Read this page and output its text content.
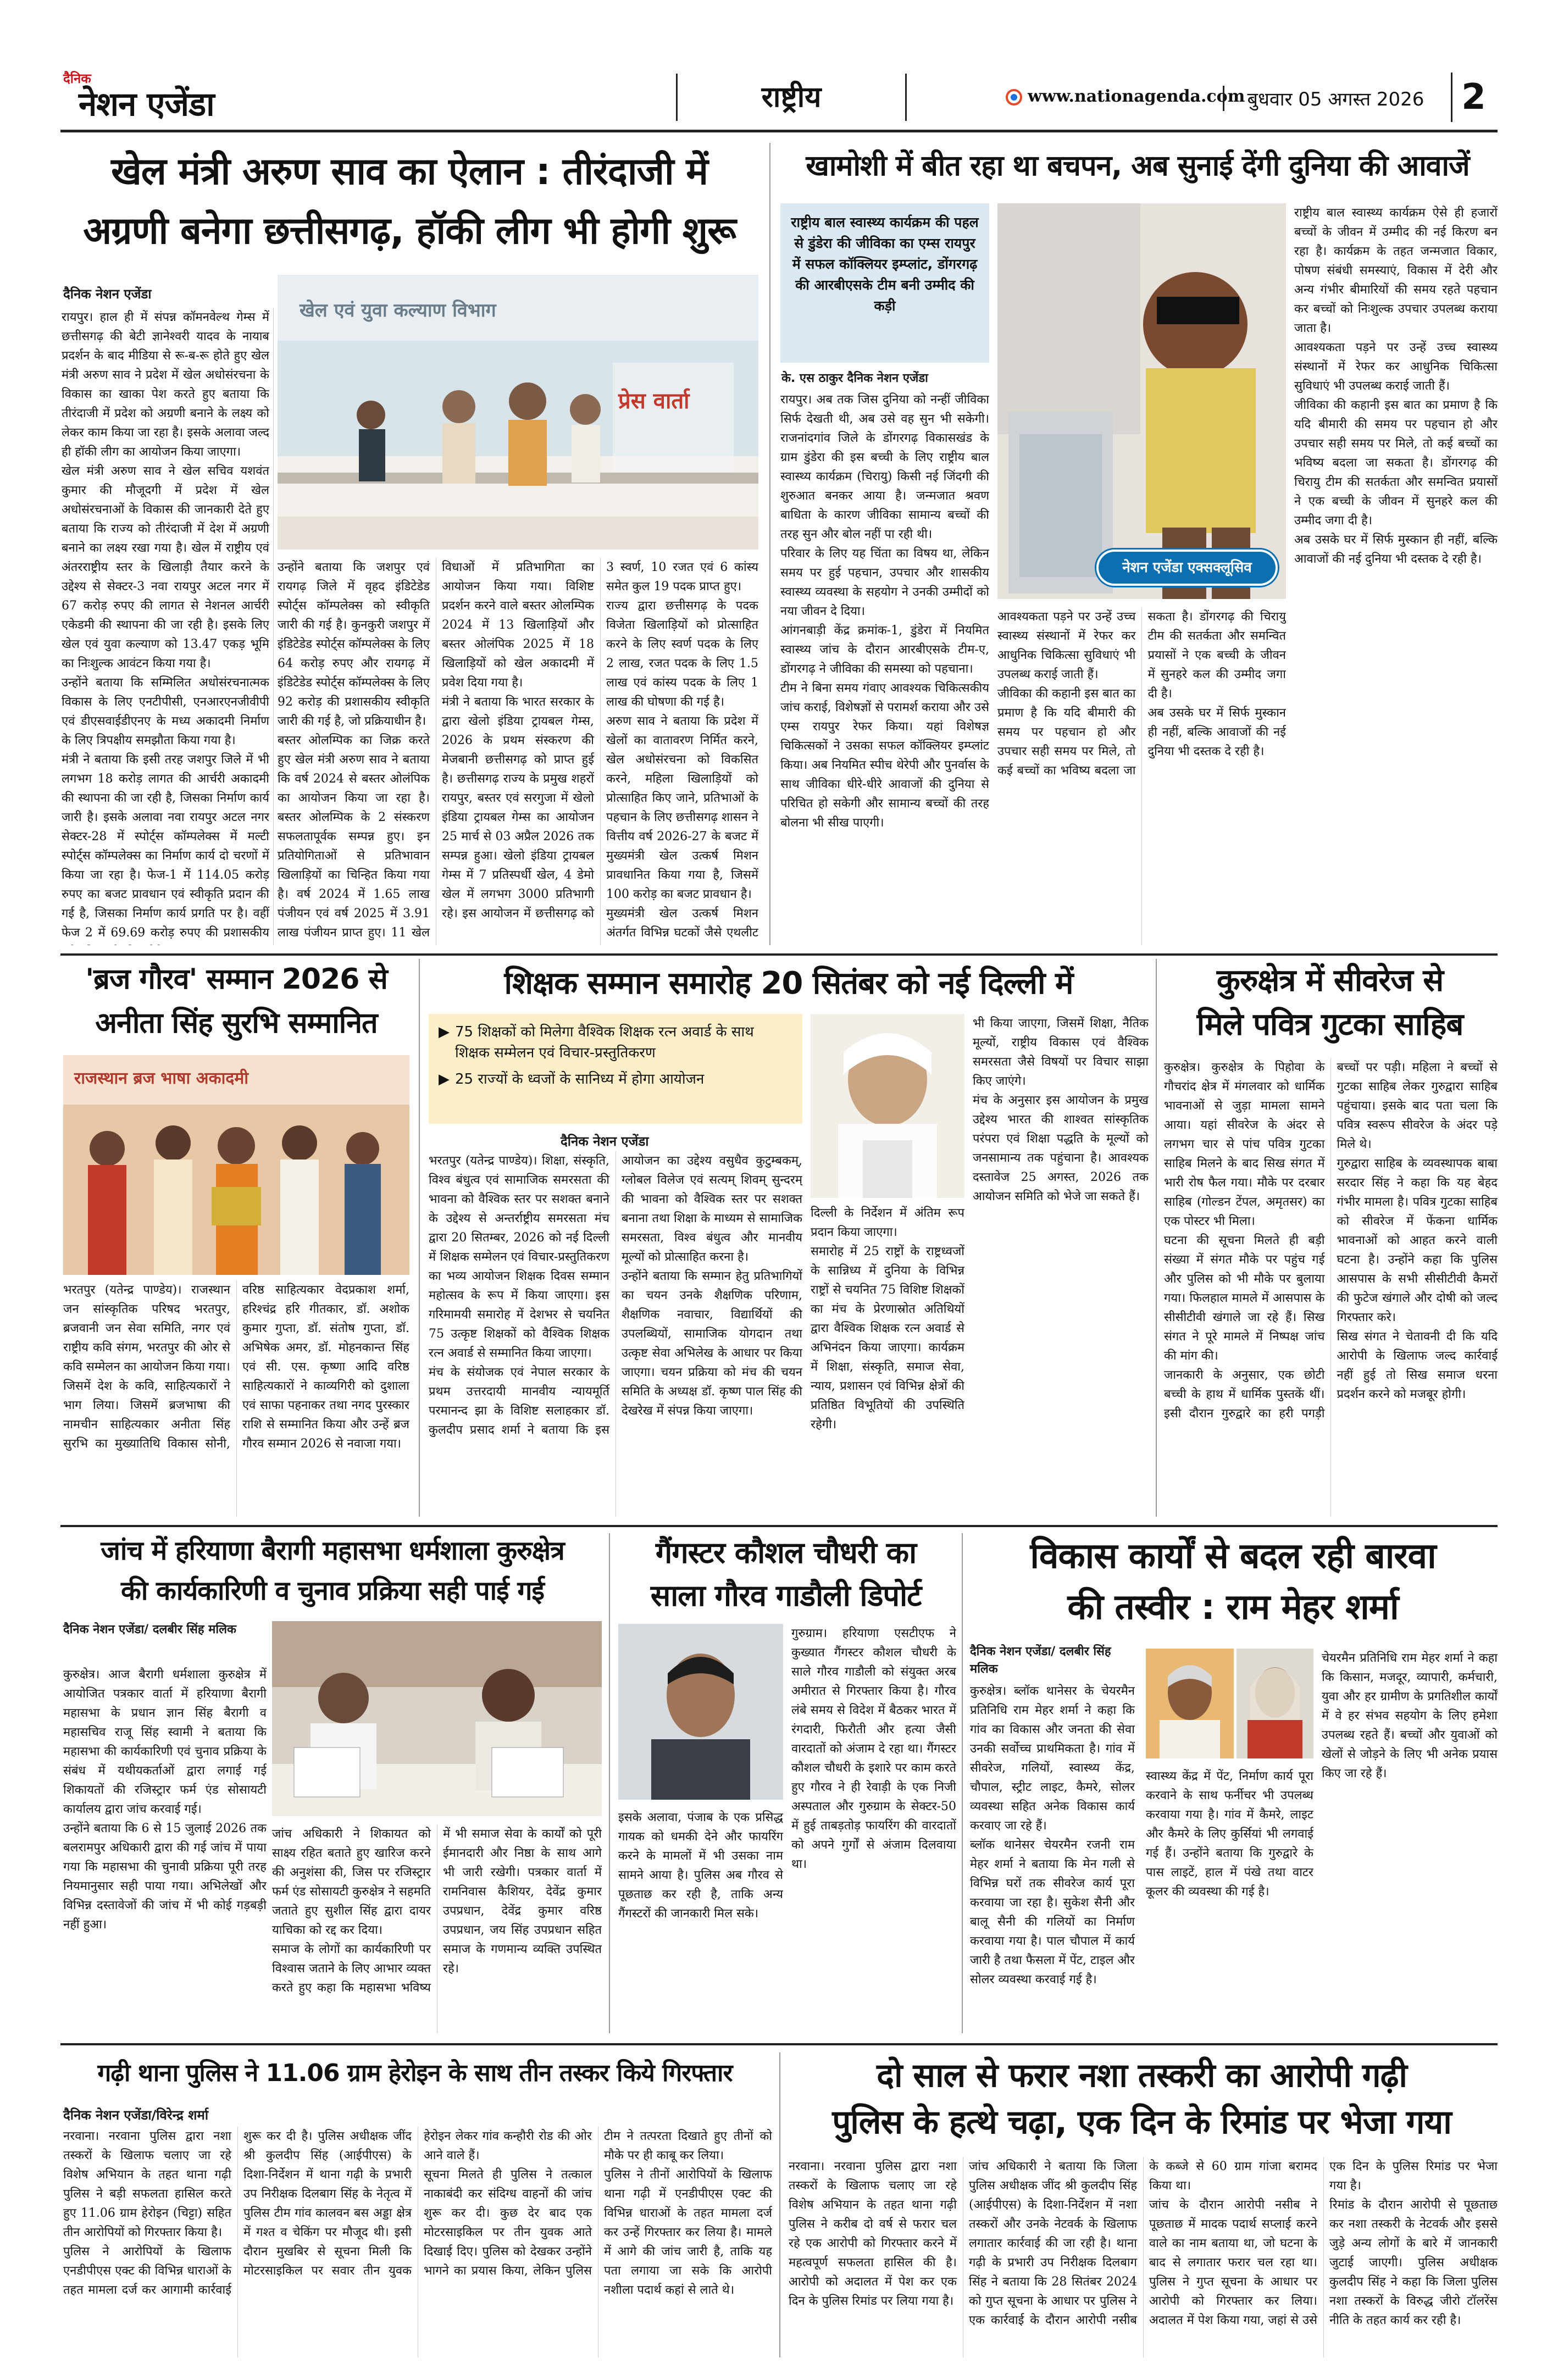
दैनिक
नेशन एजेंडा	राष्ट्रीय	www.nationagenda.com बुधवार 05 अगस्त 2026	2
खेल मंत्री अरुण साव का ऐलान : तीरंदाजी में
अग्रणी बनेगा छत्तीसगढ़, हॉकी लीग भी होगी शुरू
दैनिक नेशन एजेंडा
खेल एवं युवा कल्याण विभाग
प्रेस वार्ता

रायपुर। हाल ही में संपन्न कॉमनवेल्थ गेम्स में छत्तीसगढ़ की बेटी ज्ञानेश्वरी यादव के नायाब प्रदर्शन के बाद मीडिया से रू-ब-रू होते हुए खेल मंत्री अरुण साव ने प्रदेश में खेल अधोसंरचना के विकास का खाका पेश करते हुए बताया कि तीरंदाजी में प्रदेश को अग्रणी बनाने के लक्ष्य को लेकर काम किया जा रहा है। इसके अलावा जल्द ही हॉकी लीग का आयोजन किया जाएगा।

खेल मंत्री अरुण साव ने खेल सचिव यशवंत कुमार की मौजूदगी में प्रदेश में खेल अधोसंरचनाओं के विकास की जानकारी देते हुए बताया कि राज्य को तीरंदाजी में देश में अग्रणी बनाने का लक्ष्य रखा गया है। खेल में राष्ट्रीय एवं अंतरराष्ट्रीय स्तर के खिलाड़ी तैयार करने के उद्देश्य से सेक्टर-3 नवा रायपुर अटल नगर में 67 करोड़ रुपए की लागत से नेशनल आर्चरी एकेडमी की स्थापना की जा रही है। इसके लिए खेल एवं युवा कल्याण को 13.47 एकड़ भूमि का निःशुल्क आवंटन किया गया है।

उन्होंने बताया कि सम्मिलित अधोसंरचनात्मक विकास के लिए एनटीपीसी, एनआरएनजीवीपी एवं डीएसवाईडीएनए के मध्य अकादमी निर्माण के लिए त्रिपक्षीय समझौता किया गया है।

मंत्री ने बताया कि इसी तरह जशपुर जिले में भी लगभग 18 करोड़ लागत की आर्चरी अकादमी की स्थापना की जा रही है, जिसका निर्माण कार्य जारी है। इसके अलावा नवा रायपुर अटल नगर सेक्टर-28 में स्पोर्ट्स कॉम्पलेक्स में मल्टी स्पोर्ट्स कॉम्पलेक्स का निर्माण कार्य दो चरणों में किया जा रहा है। फेज-1 में 114.05 करोड़ रुपए का बजट प्रावधान एवं स्वीकृति प्रदान की गई है, जिसका निर्माण कार्य प्रगति पर है। वहीं फेज 2 में 69.69 करोड़ रुपए की प्रशासकीय

उन्होंने बताया कि जशपुर एवं रायगढ़ जिले में वृहद इंडिटेडेड स्पोर्ट्स कॉम्पलेक्स को स्वीकृति जारी की गई है। कुनकुरी जशपुर में इंडिटेडेड स्पोर्ट्स कॉम्पलेक्स के लिए 64 करोड़ रुपए और रायगढ़ में इंडिटेडेड स्पोर्ट्स कॉम्पलेक्स के लिए 92 करोड़ की प्रशासकीय स्वीकृति जारी की गई है, जो प्रक्रियाधीन है।

बस्तर ओलम्पिक का जिक्र करते हुए खेल मंत्री अरुण साव ने बताया कि वर्ष 2024 से बस्तर ओलंपिक का आयोजन किया जा रहा है। बस्तर ओलम्पिक के 2 संस्करण सफलतापूर्वक सम्पन्न हुए। इन प्रतियोगिताओं से प्रतिभावान खिलाड़ियों का चिन्हित किया गया है। वर्ष 2024 में 1.65 लाख पंजीयन एवं वर्ष 2025 में 3.91 लाख पंजीयन प्राप्त हुए। 11 खेल विधाओं में प्रतिभागिता का आयोजन किया गया। विशिष्ट प्रदर्शन करने वाले बस्तर ओलम्पिक 2024 में 13 खिलाड़ियों और बस्तर ओलंपिक 2025 में 18 खिलाड़ियों को खेल अकादमी में प्रवेश दिया गया है।

मंत्री ने बताया कि भारत सरकार के द्वारा खेलो इंडिया ट्रायबल गेम्स, 2026 के प्रथम संस्करण की मेजबानी छत्तीसगढ़ को प्राप्त हुई है। छत्तीसगढ़ राज्य के प्रमुख शहरों रायपुर, बस्तर एवं सरगुजा में खेलो इंडिया ट्रायबल गेम्स का आयोजन 25 मार्च से 03 अप्रैल 2026 तक सम्पन्न हुआ। खेलो इंडिया ट्रायबल गेम्स में 7 प्रतिस्पर्धी खेल, 4 डेमो खेल में लगभग 3000 प्रतिभागी रहे। इस आयोजन में छत्तीसगढ़ को 3 स्वर्ण, 10 रजत एवं 6 कांस्य समेत कुल 19 पदक प्राप्त हुए।

राज्य द्वारा छत्तीसगढ़ के पदक विजेता खिलाड़ियों को प्रोत्साहित करने के लिए स्वर्ण पदक के लिए 2 लाख, रजत पदक के लिए 1.5 लाख एवं कांस्य पदक के लिए 1 लाख की घोषणा की गई है।

अरुण साव ने बताया कि प्रदेश में खेलों का वातावरण निर्मित करने, खेल अधोसंरचना को विकसित करने, महिला खिलाड़ियों को प्रोत्साहित किए जाने, प्रतिभाओं के पहचान के लिए छत्तीसगढ़ शासन ने वित्तीय वर्ष 2026-27 के बजट में मुख्यमंत्री खेल उत्कर्ष मिशन प्रावधानित किया गया है, जिसमें 100 करोड़ का बजट प्रावधान है।

मुख्यमंत्री खेल उत्कर्ष मिशन अंतर्गत विभिन्न घटकों जैसे एथलीट

खामोशी में बीत रहा था बचपन, अब सुनाई देंगी दुनिया की आवाजें
राष्ट्रीय बाल स्वास्थ्य कार्यक्रम की पहल से डुंडेरा की जीविका का एम्स रायपुर में सफल कॉक्लियर इम्प्लांट, डोंगरगढ़ की आरबीएसके टीम बनी उम्मीद की कड़ी
के. एस ठाकुर दैनिक नेशन एजेंडा

रायपुर। अब तक जिस दुनिया को नन्हीं जीविका सिर्फ देखती थी, अब उसे वह सुन भी सकेगी। राजनांदगांव जिले के डोंगरगढ़ विकासखंड के ग्राम डुंडेरा की इस बच्ची के लिए राष्ट्रीय बाल स्वास्थ्य कार्यक्रम (चिरायु) किसी नई जिंदगी की शुरुआत बनकर आया है। जन्मजात श्रवण बाधिता के कारण जीविका सामान्य बच्चों की तरह सुन और बोल नहीं पा रही थी।

परिवार के लिए यह चिंता का विषय था, लेकिन समय पर हुई पहचान, उपचार और शासकीय स्वास्थ्य व्यवस्था के सहयोग ने उनकी उम्मीदों को नया जीवन दे दिया।

आंगनबाड़ी केंद्र क्रमांक-1, डुंडेरा में नियमित स्वास्थ्य जांच के दौरान आरबीएसके टीम-ए, डोंगरगढ़ ने जीविका की समस्या को पहचाना।

टीम ने बिना समय गंवाए आवश्यक चिकित्सकीय जांच कराई, विशेषज्ञों से परामर्श कराया और उसे एम्स रायपुर रेफर किया। यहां विशेषज्ञ चिकित्सकों ने उसका सफल कॉक्लियर इम्प्लांट किया। अब नियमित स्पीच थेरेपी और पुनर्वास के साथ जीविका धीरे-धीरे आवाजों की दुनिया से परिचित हो सकेगी और सामान्य बच्चों की तरह बोलना भी सीख पाएगी।

राष्ट्रीय बाल स्वास्थ्य कार्यक्रम ऐसे ही हजारों बच्चों के जीवन में उम्मीद की नई किरण बन रहा है। कार्यक्रम के तहत जन्मजात विकार, पोषण संबंधी समस्याएं, विकास में देरी और अन्य गंभीर बीमारियों की समय रहते पहचान कर बच्चों को निःशुल्क उपचार उपलब्ध कराया जाता है।

आवश्यकता पड़ने पर उन्हें उच्च स्वास्थ्य संस्थानों में रेफर कर आधुनिक चिकित्सा सुविधाएं भी उपलब्ध कराई जाती हैं।

जीविका की कहानी इस बात का प्रमाण है कि यदि बीमारी की समय पर पहचान हो और उपचार सही समय पर मिले, तो कई बच्चों का भविष्य बदला जा सकता है। डोंगरगढ़ की चिरायु टीम की सतर्कता और समन्वित प्रयासों ने एक बच्ची के जीवन में सुनहरे कल की उम्मीद जगा दी है।

अब उसके घर में सिर्फ मुस्कान ही नहीं, बल्कि आवाजों की नई दुनिया भी दस्तक दे रही है।

आवश्यकता पड़ने पर उन्हें उच्च स्वास्थ्य संस्थानों में रेफर कर आधुनिक चिकित्सा सुविधाएं भी उपलब्ध कराई जाती हैं।

जीविका की कहानी इस बात का प्रमाण है कि यदि बीमारी की समय पर पहचान हो और उपचार सही समय पर मिले, तो कई बच्चों का भविष्य बदला जा सकता है। डोंगरगढ़ की चिरायु टीम की सतर्कता और समन्वित प्रयासों ने एक बच्ची के जीवन में सुनहरे कल की उम्मीद जगा दी है।

अब उसके घर में सिर्फ मुस्कान ही नहीं, बल्कि आवाजों की नई दुनिया भी दस्तक दे रही है।

नेशन एजेंडा एक्सक्लूसिव
'ब्रज गौरव' सम्मान 2026 से
अनीता सिंह सुरभि सम्मानित
राजस्थान ब्रज भाषा अकादमी

भरतपुर (यतेन्द्र पाण्डेय)। राजस्थान जन सांस्कृतिक परिषद भरतपुर, ब्रजवानी जन सेवा समिति, नगर एवं राष्ट्रीय कवि संगम, भरतपुर की ओर से कवि सम्मेलन का आयोजन किया गया।

जिसमें देश के कवि, साहित्यकारों ने भाग लिया। जिसमें ब्रजभाषा की नामचीन साहित्यकार अनीता सिंह सुरभि का मुख्यातिथि विकास सोनी, वरिष्ठ साहित्यकार वेदप्रकाश शर्मा, हरिश्चंद्र हरि गीतकार, डॉ. अशोक कुमार गुप्ता, डॉ. संतोष गुप्ता, डॉ. अभिषेक अमर, डॉ. मोहनकान्त सिंह एवं सी. एस. कृष्णा आदि वरिष्ठ साहित्यकारों ने काव्यगिरी को दुशाला एवं साफा पहनाकर तथा नगद पुरस्कार राशि से सम्मानित किया और उन्हें ब्रज गौरव सम्मान 2026 से नवाजा गया।

शिक्षक सम्मान समारोह 20 सितंबर को नई दिल्ली में
▶ 75 शिक्षकों को मिलेगा वैश्विक शिक्षक रत्न अवार्ड के साथ शिक्षक सम्मेलन एवं विचार-प्रस्तुतिकरण
▶ 25 राज्यों के ध्वजों के सानिध्य में होगा आयोजन
दैनिक नेशन एजेंडा

भरतपुर (यतेन्द्र पाण्डेय)। शिक्षा, संस्कृति, विश्व बंधुत्व एवं सामाजिक समरसता की भावना को वैश्विक स्तर पर सशक्त बनाने के उद्देश्य से अन्तर्राष्ट्रीय समरसता मंच द्वारा 20 सितम्बर, 2026 को नई दिल्ली में शिक्षक सम्मेलन एवं विचार-प्रस्तुतिकरण का भव्य आयोजन शिक्षक दिवस सम्मान महोत्सव के रूप में किया जाएगा। इस गरिमामयी समारोह में देशभर से चयनित 75 उत्कृष्ट शिक्षकों को वैश्विक शिक्षक रत्न अवार्ड से सम्मानित किया जाएगा।

मंच के संयोजक एवं नेपाल सरकार के प्रथम उत्तरदायी मानवीय न्यायमूर्ति परमानन्द झा के विशिष्ट सलाहकार डॉ. कुलदीप प्रसाद शर्मा ने बताया कि इस आयोजन का उद्देश्य वसुधैव कुटुम्बकम्, ग्लोबल विलेज एवं सत्यम् शिवम् सुन्दरम् की भावना को वैश्विक स्तर पर सशक्त बनाना तथा शिक्षा के माध्यम से सामाजिक समरसता, विश्व बंधुत्व और मानवीय मूल्यों को प्रोत्साहित करना है।

उन्होंने बताया कि सम्मान हेतु प्रतिभागियों का चयन उनके शैक्षणिक परिणाम, शैक्षणिक नवाचार, विद्यार्थियों की उपलब्धियों, सामाजिक योगदान तथा उत्कृष्ट सेवा अभिलेख के आधार पर किया जाएगा। चयन प्रक्रिया को मंच की चयन समिति के अध्यक्ष डॉ. कृष्ण पाल सिंह की देखरेख में संपन्न किया जाएगा।

दिल्ली के निर्देशन में अंतिम रूप प्रदान किया जाएगा।

समारोह में 25 राष्ट्रों के राष्ट्रध्वजों के सान्निध्य में दुनिया के विभिन्न राष्ट्रों से चयनित 75 विशिष्ट शिक्षकों का मंच के प्रेरणास्रोत अतिथियों द्वारा वैश्विक शिक्षक रत्न अवार्ड से अभिनंदन किया जाएगा। कार्यक्रम में शिक्षा, संस्कृति, समाज सेवा, न्याय, प्रशासन एवं विभिन्न क्षेत्रों की प्रतिष्ठित विभूतियों की उपस्थिति रहेगी।

भी किया जाएगा, जिसमें शिक्षा, नैतिक मूल्यों, राष्ट्रीय विकास एवं वैश्विक समरसता जैसे विषयों पर विचार साझा किए जाएंगे।

मंच के अनुसार इस आयोजन के प्रमुख उद्देश्य भारत की शाश्वत सांस्कृतिक परंपरा एवं शिक्षा पद्धति के मूल्यों को जनसामान्य तक पहुंचाना है। आवश्यक दस्तावेज 25 अगस्त, 2026 तक आयोजन समिति को भेजे जा सकते हैं।

कुरुक्षेत्र में सीवरेज से
मिले पवित्र गुटका साहिब

कुरुक्षेत्र। कुरुक्षेत्र के पिहोवा के गौचरांद क्षेत्र में मंगलवार को धार्मिक भावनाओं से जुड़ा मामला सामने आया। यहां सीवरेज के अंदर से लगभग चार से पांच पवित्र गुटका साहिब मिलने के बाद सिख संगत में भारी रोष फैल गया। मौके पर दरबार साहिब (गोल्डन टेंपल, अमृतसर) का एक पोस्टर भी मिला।

घटना की सूचना मिलते ही बड़ी संख्या में संगत मौके पर पहुंच गई और पुलिस को भी मौके पर बुलाया गया। फिलहाल मामले में आसपास के सीसीटीवी खंगाले जा रहे हैं। सिख संगत ने पूरे मामले में निष्पक्ष जांच की मांग की।

जानकारी के अनुसार, एक छोटी बच्ची के हाथ में धार्मिक पुस्तकें थीं। इसी दौरान गुरुद्वारे का हरी पगड़ी बच्चों पर पड़ी। महिला ने बच्चों से गुटका साहिब लेकर गुरुद्वारा साहिब पहुंचाया। इसके बाद पता चला कि पवित्र स्वरूप सीवरेज के अंदर पड़े मिले थे।

गुरुद्वारा साहिब के व्यवस्थापक बाबा सरदार सिंह ने कहा कि यह बेहद गंभीर मामला है। पवित्र गुटका साहिब को सीवरेज में फेंकना धार्मिक भावनाओं को आहत करने वाली घटना है। उन्होंने कहा कि पुलिस आसपास के सभी सीसीटीवी कैमरों की फुटेज खंगाले और दोषी को जल्द गिरफ्तार करे।

सिख संगत ने चेतावनी दी कि यदि आरोपी के खिलाफ जल्द कार्रवाई नहीं हुई तो सिख समाज धरना प्रदर्शन करने को मजबूर होगी।

जांच में हरियाणा बैरागी महासभा धर्मशाला कुरुक्षेत्र
की कार्यकारिणी व चुनाव प्रक्रिया सही पाई गई
दैनिक नेशन एजेंडा/ दलबीर सिंह मलिक

कुरुक्षेत्र। आज बैरागी धर्मशाला कुरुक्षेत्र में आयोजित पत्रकार वार्ता में हरियाणा बैरागी महासभा के प्रधान ज्ञान सिंह बैरागी व महासचिव राजू सिंह स्वामी ने बताया कि महासभा की कार्यकारिणी एवं चुनाव प्रक्रिया के संबंध में यथीयकर्ताओं द्वारा लगाई गई शिकायतों की रजिस्ट्रार फर्म एंड सोसायटी कार्यालय द्वारा जांच करवाई गई।

उन्होंने बताया कि 6 से 15 जुलाई 2026 तक बलरामपुर अधिकारी द्वारा की गई जांच में पाया गया कि महासभा की चुनावी प्रक्रिया पूरी तरह नियमानुसार सही पाया गया। अभिलेखों और विभिन्न दस्तावेजों की जांच में भी कोई गड़बड़ी नहीं हुआ।

जांच अधिकारी ने शिकायत को साक्ष्य रहित बताते हुए खारिज करने की अनुशंसा की, जिस पर रजिस्ट्रार फर्म एंड सोसायटी कुरुक्षेत्र ने सहमति जताते हुए सुशील सिंह द्वारा दायर याचिका को रद्द कर दिया।

समाज के लोगों का कार्यकारिणी पर विश्वास जताने के लिए आभार व्यक्त करते हुए कहा कि महासभा भविष्य में भी समाज सेवा के कार्यों को पूरी ईमानदारी और निष्ठा के साथ आगे भी जारी रखेगी। पत्रकार वार्ता में रामनिवास कैशियर, देवेंद्र कुमार उपप्रधान, देवेंद्र कुमार वरिष्ठ उपप्रधान, जय सिंह उपप्रधान सहित समाज के गणमान्य व्यक्ति उपस्थित रहे।

गैंगस्टर कौशल चौधरी का
साला गौरव गाडौली डिपोर्ट

गुरुग्राम। हरियाणा एसटीएफ ने कुख्यात गैंगस्टर कौशल चौधरी के साले गौरव गाडौली को संयुक्त अरब अमीरात से गिरफ्तार किया है। गौरव लंबे समय से विदेश में बैठकर भारत में रंगदारी, फिरौती और हत्या जैसी वारदातों को अंजाम दे रहा था। गैंगस्टर कौशल चौधरी के इशारे पर काम करते हुए गौरव ने ही रेवाड़ी के एक निजी अस्पताल और गुरुग्राम के सेक्टर-50 में हुई ताबड़तोड़ फायरिंग की वारदातों को अपने गुर्गों से अंजाम दिलवाया था।

इसके अलावा, पंजाब के एक प्रसिद्ध गायक को धमकी देने और फायरिंग करने के मामलों में भी उसका नाम सामने आया है। पुलिस अब गौरव से पूछताछ कर रही है, ताकि अन्य गैंगस्टरों की जानकारी मिल सके।

विकास कार्यों से बदल रही बारवा
की तस्वीर : राम मेहर शर्मा
दैनिक नेशन एजेंडा/ दलबीर सिंह मलिक

कुरुक्षेत्र। ब्लॉक थानेसर के चेयरमैन प्रतिनिधि राम मेहर शर्मा ने कहा कि गांव का विकास और जनता की सेवा उनकी सर्वोच्च प्राथमिकता है। गांव में सीवरेज, गलियों, स्वास्थ्य केंद्र, चौपाल, स्ट्रीट लाइट, कैमरे, सोलर व्यवस्था सहित अनेक विकास कार्य करवाए जा रहे हैं।

ब्लॉक थानेसर चेयरमैन रजनी राम मेहर शर्मा ने बताया कि मेन गली से विभिन्न घरों तक सीवरेज कार्य पूरा करवाया जा रहा है। सुकेश सैनी और बालू सैनी की गलियों का निर्माण करवाया गया है। पाल चौपाल में कार्य जारी है तथा फैसला में पेंट, टाइल और सोलर व्यवस्था करवाई गई है।

स्वास्थ्य केंद्र में पेंट, निर्माण कार्य पूरा करवाने के साथ फर्नीचर भी उपलब्ध करवाया गया है। गांव में कैमरे, लाइट और कैमरे के लिए कुर्सियां भी लगवाई गई हैं। उन्होंने बताया कि गुरुद्वारे के पास लाइटें, हाल में पंखे तथा वाटर कूलर की व्यवस्था की गई है।

चेयरमैन प्रतिनिधि राम मेहर शर्मा ने कहा कि किसान, मजदूर, व्यापारी, कर्मचारी, युवा और हर ग्रामीण के प्रगतिशील कार्यों में वे हर संभव सहयोग के लिए हमेशा उपलब्ध रहते हैं। बच्चों और युवाओं को खेलों से जोड़ने के लिए भी अनेक प्रयास किए जा रहे हैं।

गढ़ी थाना पुलिस ने 11.06 ग्राम हेरोइन के साथ तीन तस्कर किये गिरफ्तार
दैनिक नेशन एजेंडा/विरेन्द्र शर्मा

नरवाना। नरवाना पुलिस द्वारा नशा तस्करों के खिलाफ चलाए जा रहे विशेष अभियान के तहत थाना गढ़ी पुलिस ने बड़ी सफलता हासिल करते हुए 11.06 ग्राम हेरोइन (चिट्टा) सहित तीन आरोपियों को गिरफ्तार किया है।

पुलिस ने आरोपियों के खिलाफ एनडीपीएस एक्ट की विभिन्न धाराओं के तहत मामला दर्ज कर आगामी कार्रवाई शुरू कर दी है। पुलिस अधीक्षक जींद श्री कुलदीप सिंह (आईपीएस) के दिशा-निर्देशन में थाना गढ़ी के प्रभारी उप निरीक्षक दिलबाग सिंह के नेतृत्व में पुलिस टीम गांव कालवन बस अड्डा क्षेत्र में गश्त व चेकिंग पर मौजूद थी। इसी दौरान मुखबिर से सूचना मिली कि मोटरसाइकिल पर सवार तीन युवक हेरोइन लेकर गांव कन्हौरी रोड की ओर आने वाले हैं।

सूचना मिलते ही पुलिस ने तत्काल नाकाबंदी कर संदिग्ध वाहनों की जांच शुरू कर दी। कुछ देर बाद एक मोटरसाइकिल पर तीन युवक आते दिखाई दिए। पुलिस को देखकर उन्होंने भागने का प्रयास किया, लेकिन पुलिस टीम ने तत्परता दिखाते हुए तीनों को मौके पर ही काबू कर लिया।

पुलिस ने तीनों आरोपियों के खिलाफ थाना गढ़ी में एनडीपीएस एक्ट की विभिन्न धाराओं के तहत मामला दर्ज कर उन्हें गिरफ्तार कर लिया है। मामले में आगे की जांच जारी है, ताकि यह पता लगाया जा सके कि आरोपी नशीला पदार्थ कहां से लाते थे।

दो साल से फरार नशा तस्करी का आरोपी गढ़ी
पुलिस के हत्थे चढ़ा, एक दिन के रिमांड पर भेजा गया

नरवाना। नरवाना पुलिस द्वारा नशा तस्करों के खिलाफ चलाए जा रहे विशेष अभियान के तहत थाना गढ़ी पुलिस ने करीब दो वर्ष से फरार चल रहे एक आरोपी को गिरफ्तार करने में महत्वपूर्ण सफलता हासिल की है। आरोपी को अदालत में पेश कर एक दिन के पुलिस रिमांड पर लिया गया है।

जांच अधिकारी ने बताया कि जिला पुलिस अधीक्षक जींद श्री कुलदीप सिंह (आईपीएस) के दिशा-निर्देशन में नशा तस्करों और उनके नेटवर्क के खिलाफ लगातार कार्रवाई की जा रही है। थाना गढ़ी के प्रभारी उप निरीक्षक दिलबाग सिंह ने बताया कि 28 सितंबर 2024 को गुप्त सूचना के आधार पर पुलिस ने एक कार्रवाई के दौरान आरोपी नसीब के कब्जे से 60 ग्राम गांजा बरामद किया था।

जांच के दौरान आरोपी नसीब ने पूछताछ में मादक पदार्थ सप्लाई करने वाले का नाम बताया था, जो घटना के बाद से लगातार फरार चल रहा था। पुलिस ने गुप्त सूचना के आधार पर आरोपी को गिरफ्तार कर लिया। अदालत में पेश किया गया, जहां से उसे एक दिन के पुलिस रिमांड पर भेजा गया है।

रिमांड के दौरान आरोपी से पूछताछ कर नशा तस्करी के नेटवर्क और इससे जुड़े अन्य लोगों के बारे में जानकारी जुटाई जाएगी। पुलिस अधीक्षक कुलदीप सिंह ने कहा कि जिला पुलिस नशा तस्करों के विरुद्ध जीरो टॉलरेंस नीति के तहत कार्य कर रही है।
